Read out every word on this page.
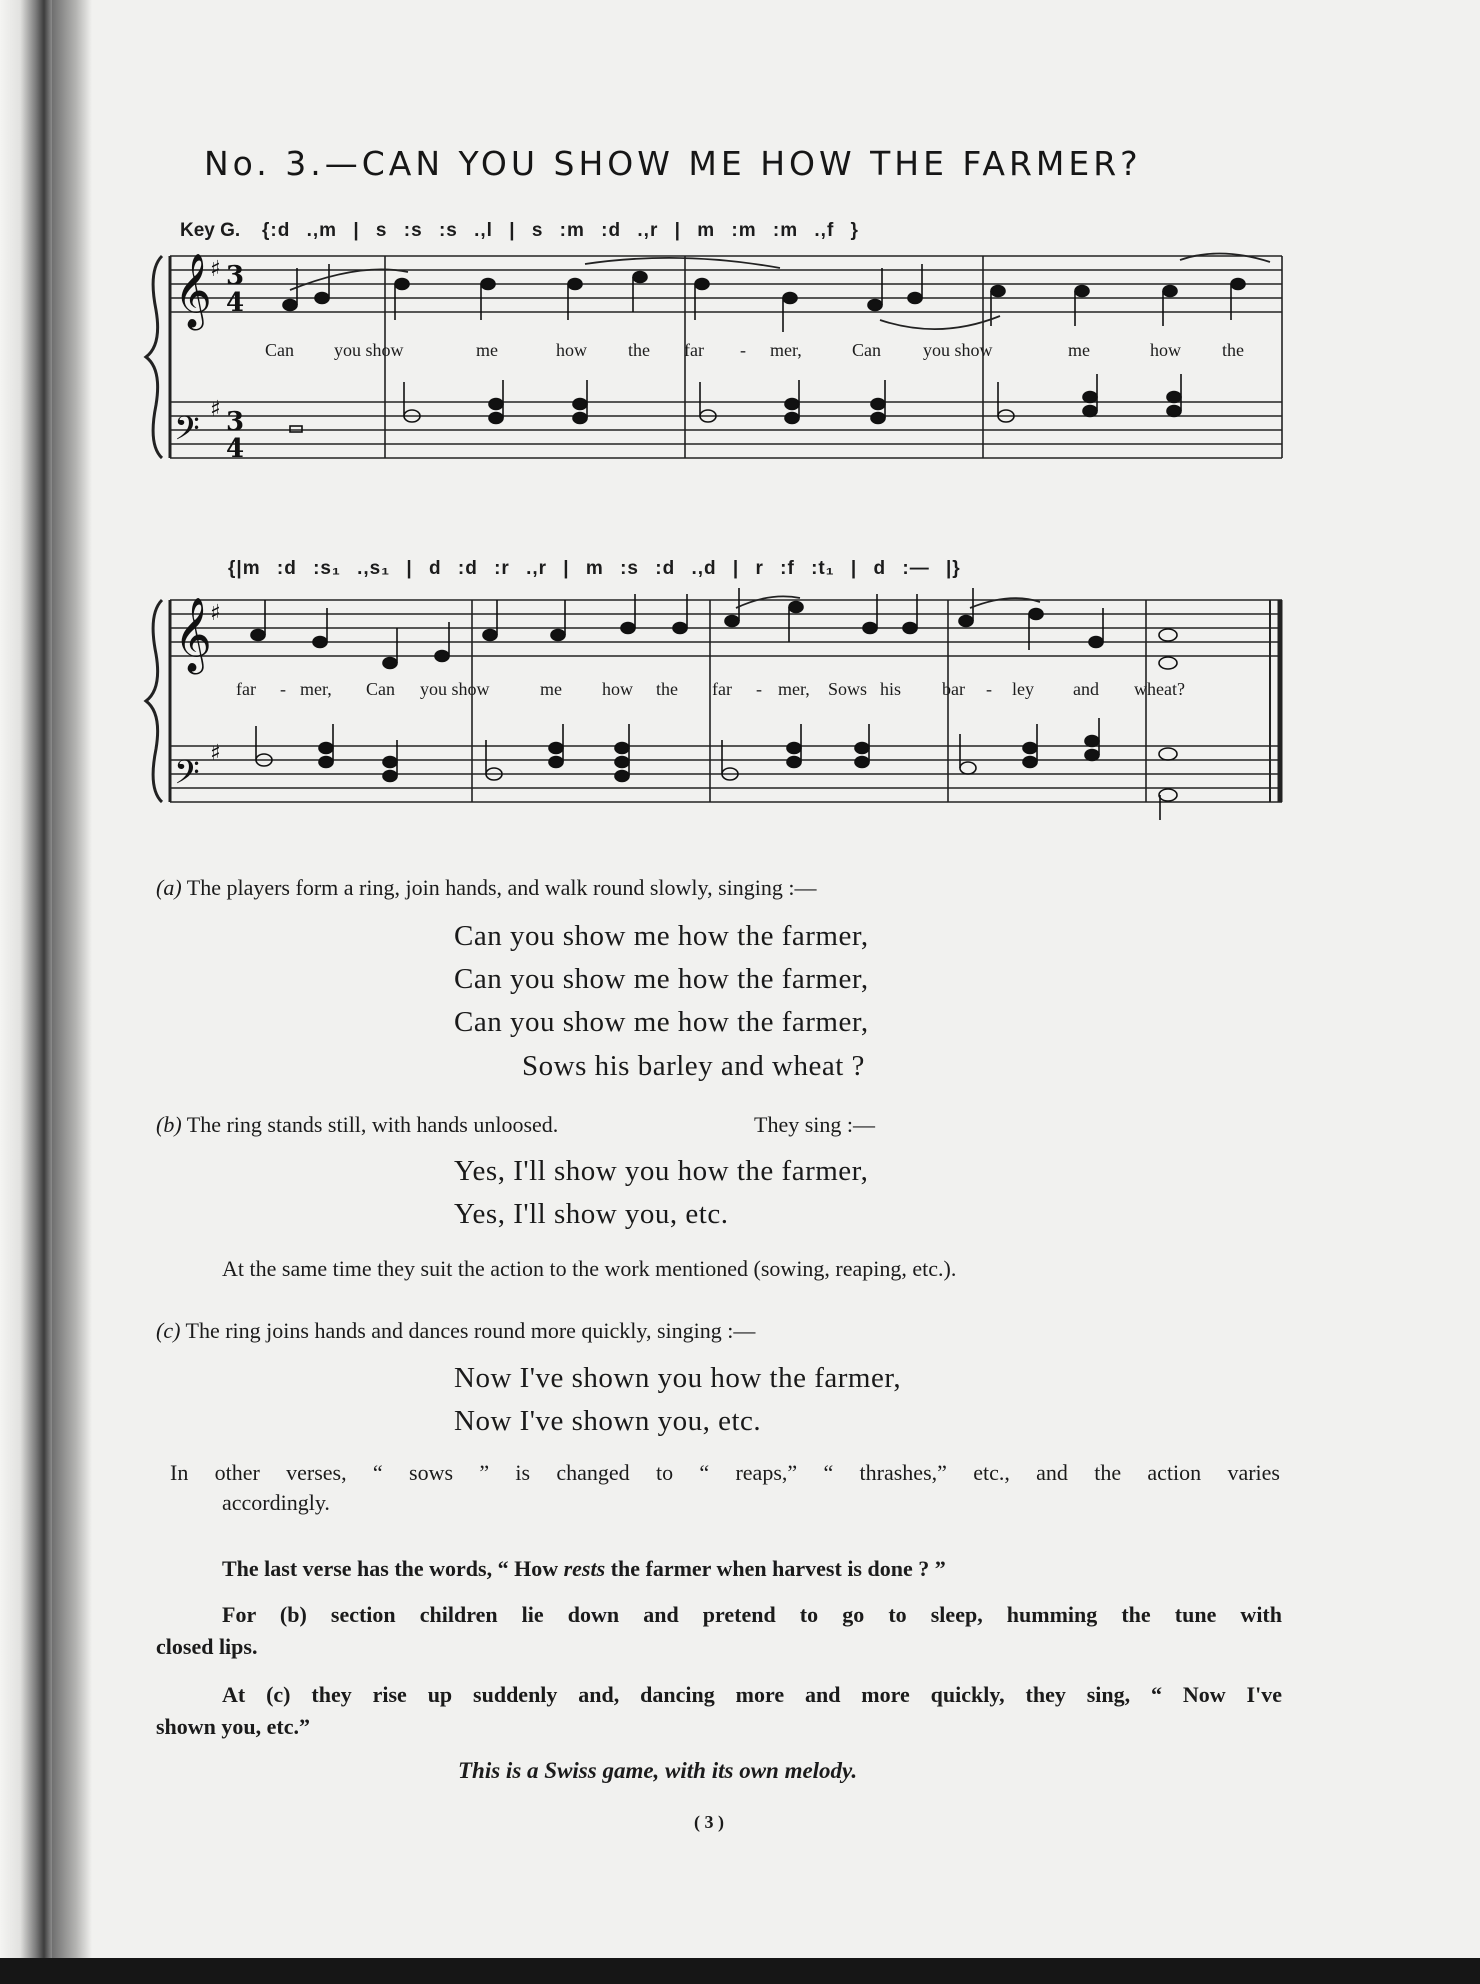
No. 3.—CAN YOU SHOW ME HOW THE FARMER?
Key G. {:d .,m | s :s :s .,l | s :m :d .,r | m :m :m .,f }
𝄞
𝄢
♯
♯
3
4
3
4
Can you show	me	how the far - mer,	Can you show	me	how the
{|m :d :s₁ .,s₁ | d :d :r .,r | m :s :d .,d | r :f :t₁ | d :— |}
𝄞
𝄢
♯
♯
far - mer, Can you show	me how the far - mer, Sows his bar - ley and wheat?
(a) The players form a ring, join hands, and walk round slowly, singing :—
Can you show me how the farmer,
Can you show me how the farmer,
Can you show me how the farmer,
Sows his barley and wheat ?
(b) The ring stands still, with hands unloosed.	They sing :—
Yes, I'll show you how the farmer,
Yes, I'll show you, etc.
At the same time they suit the action to the work mentioned (sowing, reaping, etc.).
(c) The ring joins hands and dances round more quickly, singing :—
Now I've shown you how the farmer,
Now I've shown you, etc.
In other verses, “ sows ” is changed to “ reaps,” “ thrashes,” etc., and the action varies
accordingly.
The last verse has the words, “ How rests the farmer when harvest is done ? ”
For (b) section children lie down and pretend to go to sleep, humming the tune with
closed lips.
At (c) they rise up suddenly and, dancing more and more quickly, they sing, “ Now I've
shown you, etc.”
This is a Swiss game, with its own melody.
( 3 )
